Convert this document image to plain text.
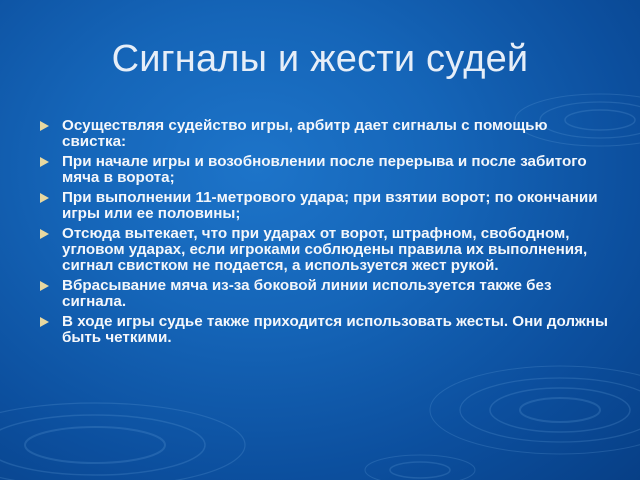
Сигналы и жести судей
Осуществляя судейство игры, арбитр дает сигналы с помощью свистка:
При начале игры и возобновлении после перерыва и после забитого мяча в ворота;
При выполнении 11-метрового удара; при взятии ворот; по окончании игры или ее половины;
Отсюда вытекает, что при ударах от ворот, штрафном, свободном, угловом ударах, если игроками соблюдены правила их выполнения, сигнал свистком не подается, а используется жест рукой.
Вбрасывание мяча из-за боковой линии используется также без сигнала.
В ходе игры судье также приходится использовать жесты. Они должны быть четкими.
